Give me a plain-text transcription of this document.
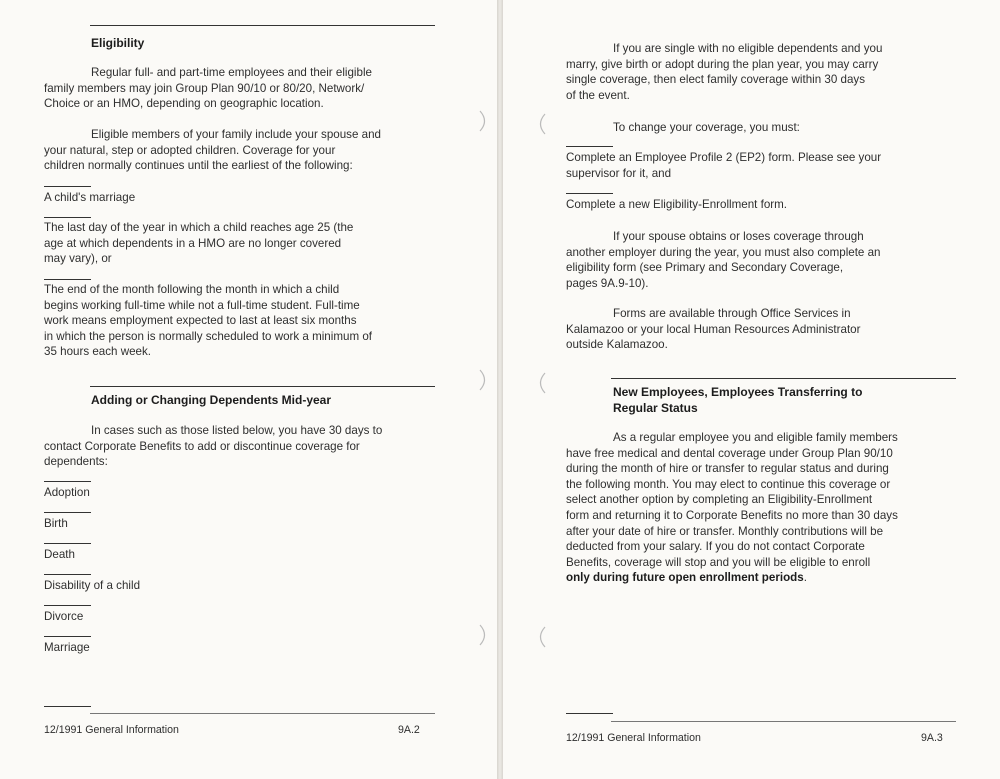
Eligibility
Regular full- and part-time employees and their eligible
family members may join Group Plan 90/10 or 80/20, Network/
Choice or an HMO, depending on geographic location.
Eligible members of your family include your spouse and
your natural, step or adopted children. Coverage for your
children normally continues until the earliest of the following:
A child's marriage
The last day of the year in which a child reaches age 25 (the
age at which dependents in a HMO are no longer covered
may vary), or
The end of the month following the month in which a child
begins working full-time while not a full-time student. Full-time
work means employment expected to last at least six months
in which the person is normally scheduled to work a minimum of
35 hours each week.
Adding or Changing Dependents Mid-year
In cases such as those listed below, you have 30 days to
contact Corporate Benefits to add or discontinue coverage for
dependents:
Adoption
Birth
Death
Disability of a child
Divorce
Marriage
12/1991 General Information	9A.2
If you are single with no eligible dependents and you
marry, give birth or adopt during the plan year, you may carry
single coverage, then elect family coverage within 30 days
of the event.
To change your coverage, you must:
Complete an Employee Profile 2 (EP2) form. Please see your
supervisor for it, and
Complete a new Eligibility-Enrollment form.
If your spouse obtains or loses coverage through
another employer during the year, you must also complete an
eligibility form (see Primary and Secondary Coverage,
pages 9A.9-10).
Forms are available through Office Services in
Kalamazoo or your local Human Resources Administrator
outside Kalamazoo.
New Employees, Employees Transferring to
Regular Status
As a regular employee you and eligible family members
have free medical and dental coverage under Group Plan 90/10
during the month of hire or transfer to regular status and during
the following month. You may elect to continue this coverage or
select another option by completing an Eligibility-Enrollment
form and returning it to Corporate Benefits no more than 30 days
after your date of hire or transfer. Monthly contributions will be
deducted from your salary. If you do not contact Corporate
Benefits, coverage will stop and you will be eligible to enroll
only during future open enrollment periods.
12/1991 General Information	9A.3
